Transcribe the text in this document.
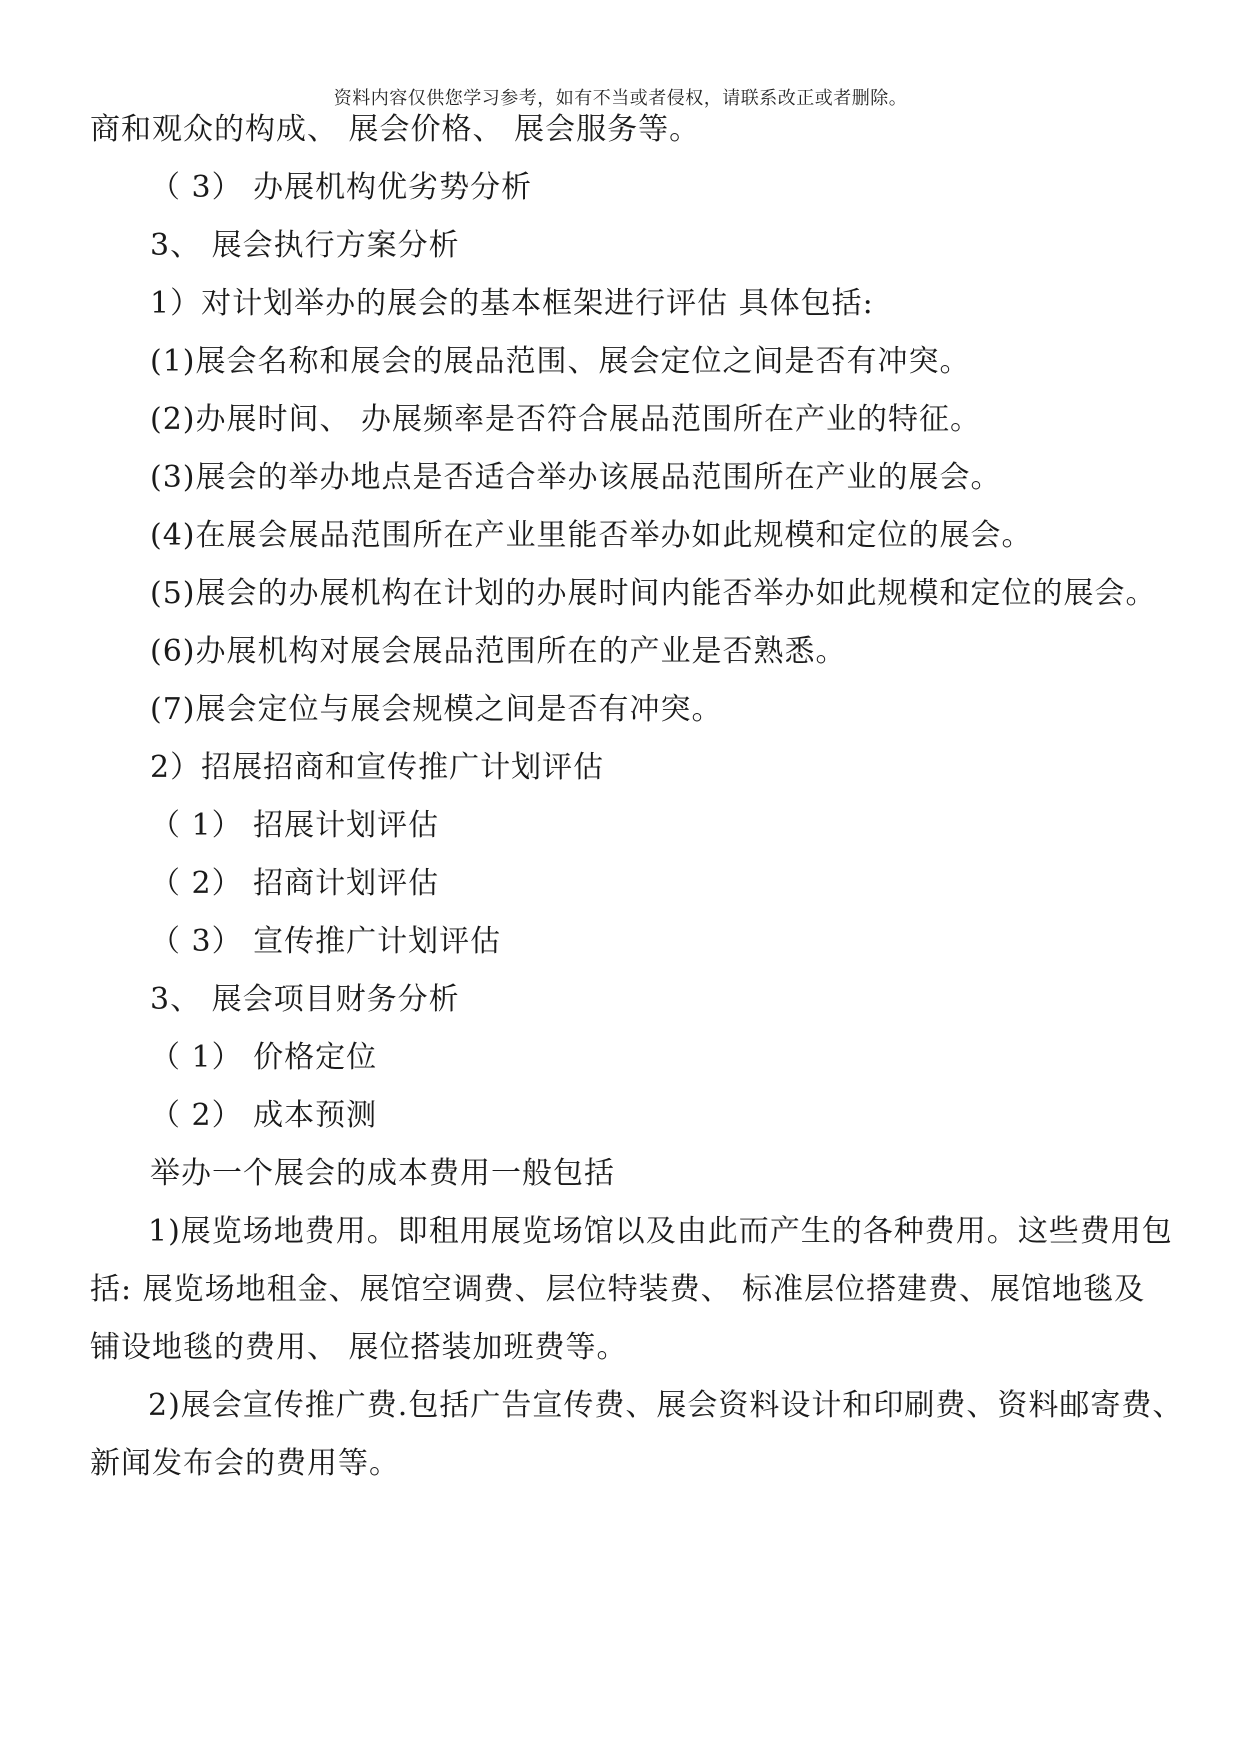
资料内容仅供您学习参考，如有不当或者侵权，请联系改正或者删除。
商和观众的构成、 展会价格、 展会服务等。
（ 3） 办展机构优劣势分析
3、 展会执行方案分析
1）对计划举办的展会的基本框架进行评估 具体包括:
(1)展会名称和展会的展品范围、展会定位之间是否有冲突。
(2)办展时间、 办展频率是否符合展品范围所在产业的特征。
(3)展会的举办地点是否适合举办该展品范围所在产业的展会。
(4)在展会展品范围所在产业里能否举办如此规模和定位的展会。
(5)展会的办展机构在计划的办展时间内能否举办如此规模和定位的展会。
(6)办展机构对展会展品范围所在的产业是否熟悉。
(7)展会定位与展会规模之间是否有冲突。
2）招展招商和宣传推广计划评估
（ 1） 招展计划评估
（ 2） 招商计划评估
（ 3） 宣传推广计划评估
3、 展会项目财务分析
（ 1） 价格定位
（ 2） 成本预测
举办一个展会的成本费用一般包括
1)展览场地费用。即租用展览场馆以及由此而产生的各种费用。这些费用包
括: 展览场地租金、展馆空调费、层位特装费、 标准层位搭建费、展馆地毯及
铺设地毯的费用、 展位搭装加班费等。
2)展会宣传推广费.包括广告宣传费、展会资料设计和印刷费、资料邮寄费、
新闻发布会的费用等。
